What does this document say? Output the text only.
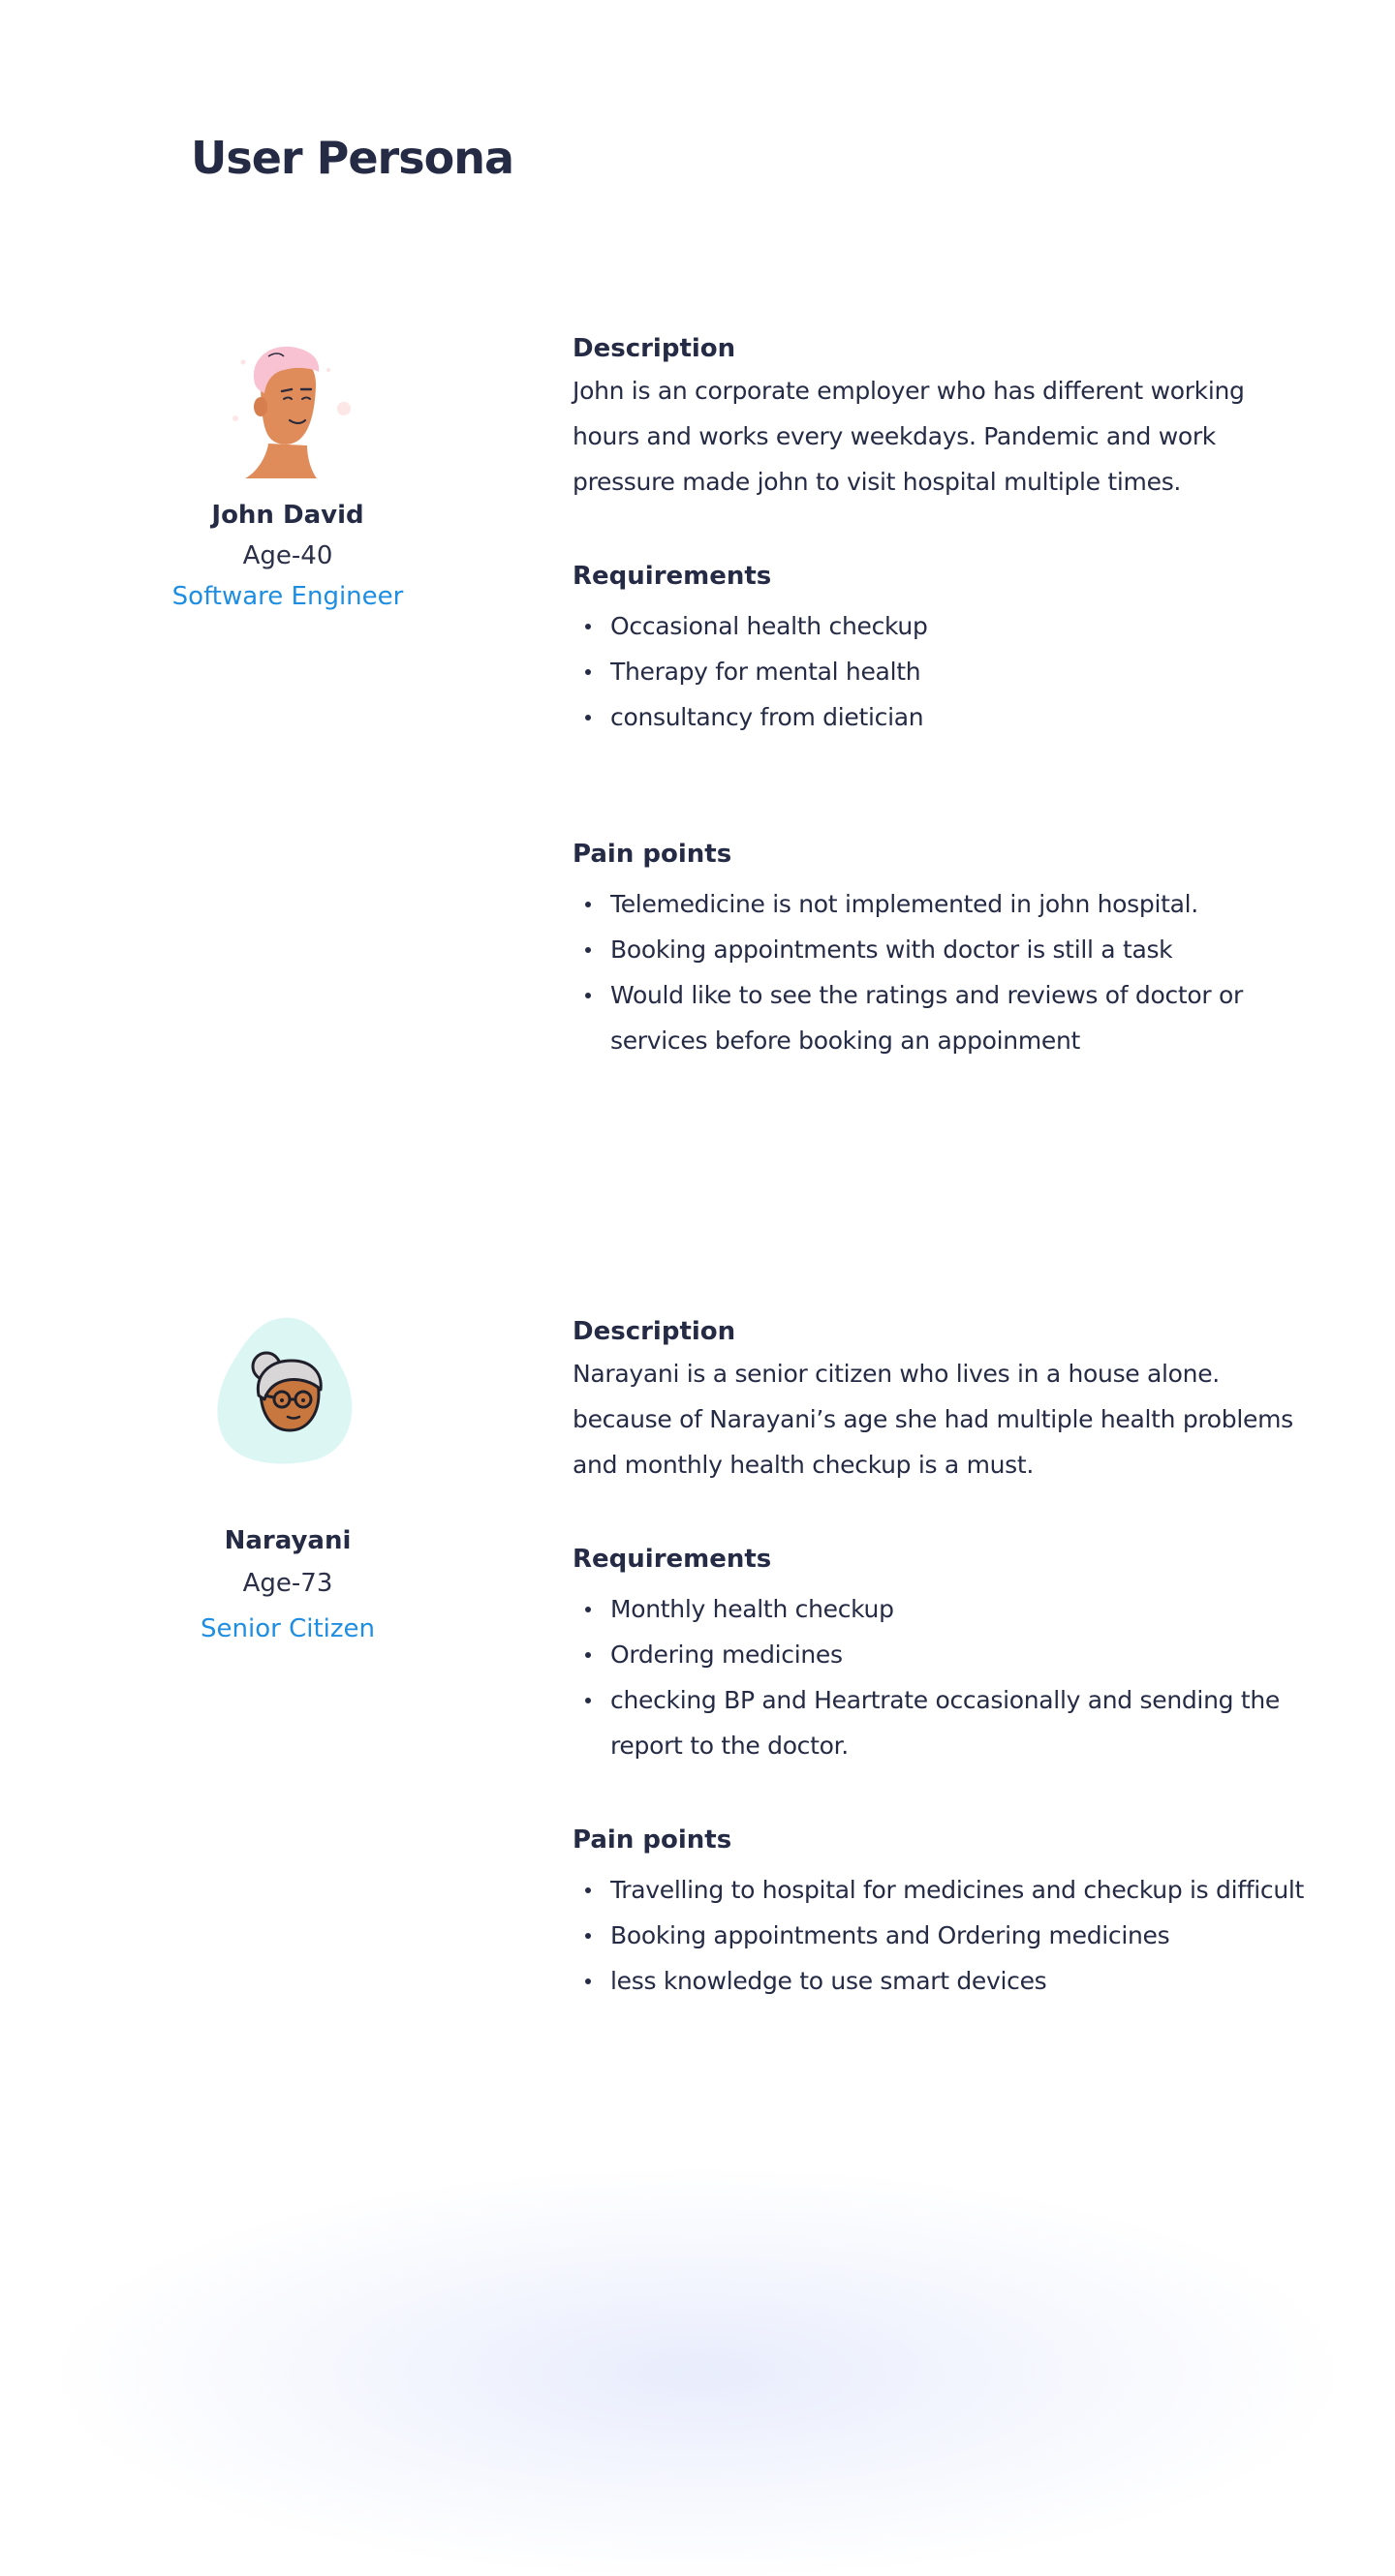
User Persona
John David
Age-40
Software Engineer
Description

John is an corporate employer who has different working hours and works every weekdays. Pandemic and work pressure made john to visit hospital multiple times.

Requirements
Occasional health checkup
Therapy for mental health
consultancy from dietician
Pain points
Telemedicine is not implemented in john hospital.
Booking appointments with doctor is still a task
Would like to see the ratings and reviews of doctor or services before booking an appoinment
Narayani
Age-73
Senior Citizen
Description

Narayani is a senior citizen who lives in a house alone. because of Narayani’s age she had multiple health problems and monthly health checkup is a must.

Requirements
Monthly health checkup
Ordering medicines
checking BP and Heartrate occasionally and sending the report to the doctor.
Pain points
Travelling to hospital for medicines and checkup is difficult
Booking appointments and Ordering medicines
less knowledge to use smart devices
